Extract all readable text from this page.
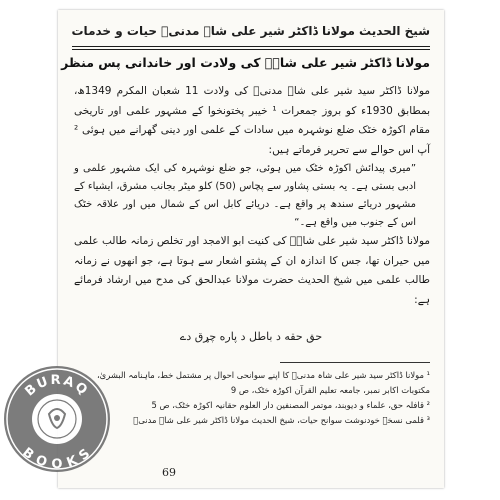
شیخ الحدیث مولانا ڈاکٹر شیر علی شاہ مدنیؒ حیات و خدمات
مولانا ڈاکٹر شیر علی شاہؒ کی ولادت اور خاندانی پس منظر

مولانا ڈاکٹر سید شیر علی شاہ مدنیؒ کی ولادت 11 شعبان المکرم 1349ھ، بمطابق 1930ء کو بروز جمعرات ¹ خیبر پختونخوا کے مشہور علمی اور تاریخی مقام اکوڑہ خٹک ضلع نوشہرہ میں سادات کے علمی اور دینی گھرانے میں ہوئی ² آپ اس حوالے سے تحریر فرماتے ہیں:

”میری پیدائش اکوڑہ خٹک میں ہوئی، جو ضلع نوشہرہ کی ایک مشہور علمی و ادبی بستی ہے۔ یہ بستی پشاور سے پچاس (50) کلو میٹر بجانب مشرق، ایشیاء کے مشہور دریائے سندھ پر واقع ہے۔ دریائے کابل اس کے شمال میں اور علاقہ خٹک اس کے جنوب میں واقع ہے۔“

مولانا ڈاکٹر سید شیر علی شاہؒ کی کنیت ابو الامجد اور تخلص زمانہ طالب علمی میں حیران تھا، جس کا اندازہ ان کے پشتو اشعار سے ہوتا ہے، جو انھوں نے زمانہ طالب علمی میں شیخ الحدیث حضرت مولانا عبدالحق کی مدح میں ارشاد فرمائے ہے:

حق حقه د باطل د پاره چړق دے

¹ مولانا ڈاکٹر سید شیر علی شاہ مدنیؒ کا اپنے سوانحی احوال پر مشتمل خط، ماہنامہ البشریٰ، مکتوبات اکابر نمبر، جامعہ تعلیم القرآن اکوڑہ خٹک، ص 9

² قافلہ حق، علماء و دیوبند، موتمر المصنفین دار العلوم حقانیہ اکوڑہ خٹک، ص 5

³ قلمی نسخہ خودنوشت سوانح حیات، شیخ الحدیث مولانا ڈاکٹر شیر علی شاہ مدنیؒ

69
BURAQ
BOOKS
